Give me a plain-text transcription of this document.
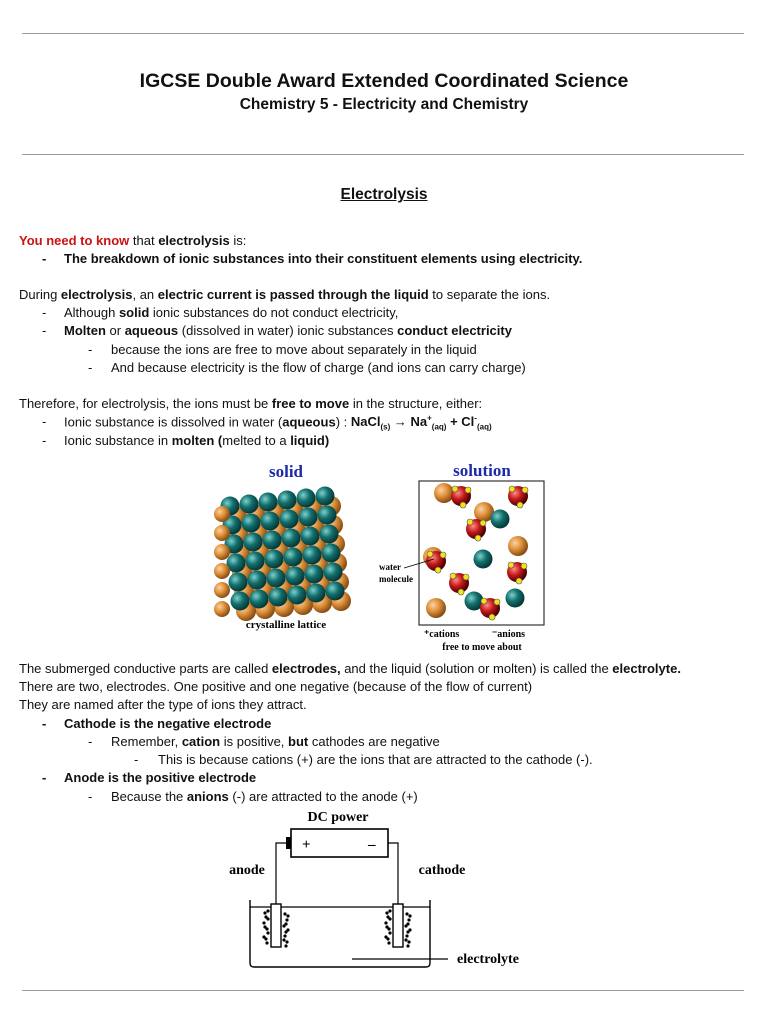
IGCSE Double Award Extended Coordinated Science
Chemistry 5 - Electricity and Chemistry
Electrolysis
You need to know that electrolysis is:
- The breakdown of ionic substances into their constituent elements using electricity.
During electrolysis, an electric current is passed through the liquid to separate the ions.
- Although solid ionic substances do not conduct electricity,
- Molten or aqueous (dissolved in water) ionic substances conduct electricity
- because the ions are free to move about separately in the liquid
- And because electricity is the flow of charge (and ions can carry charge)
Therefore, for electrolysis, the ions must be free to move in the structure, either:
- Ionic substance is dissolved in water (aqueous) : NaCl$_{(s)}$ → $Na^+_{(aq)} + Cl^-_{(aq)}$
- Ionic substance in molten (melted to a liquid)
solid
crystalline lattice
solution
water
molecule
⁺cations	⁻anions
free to move about
The submerged conductive parts are called electrodes, and the liquid (solution or molten) is called the electrolyte.
There are two, electrodes. One positive and one negative (because of the flow of current)
They are named after the type of ions they attract.
- Cathode is the negative electrode
- Remember, cation is positive, but cathodes are negative
- This is because cations (+) are the ions that are attracted to the cathode (-).
- Anode is the positive electrode
- Because the anions (-) are attracted to the anode (+)
DC power
+	–
anode	cathode
electrolyte
